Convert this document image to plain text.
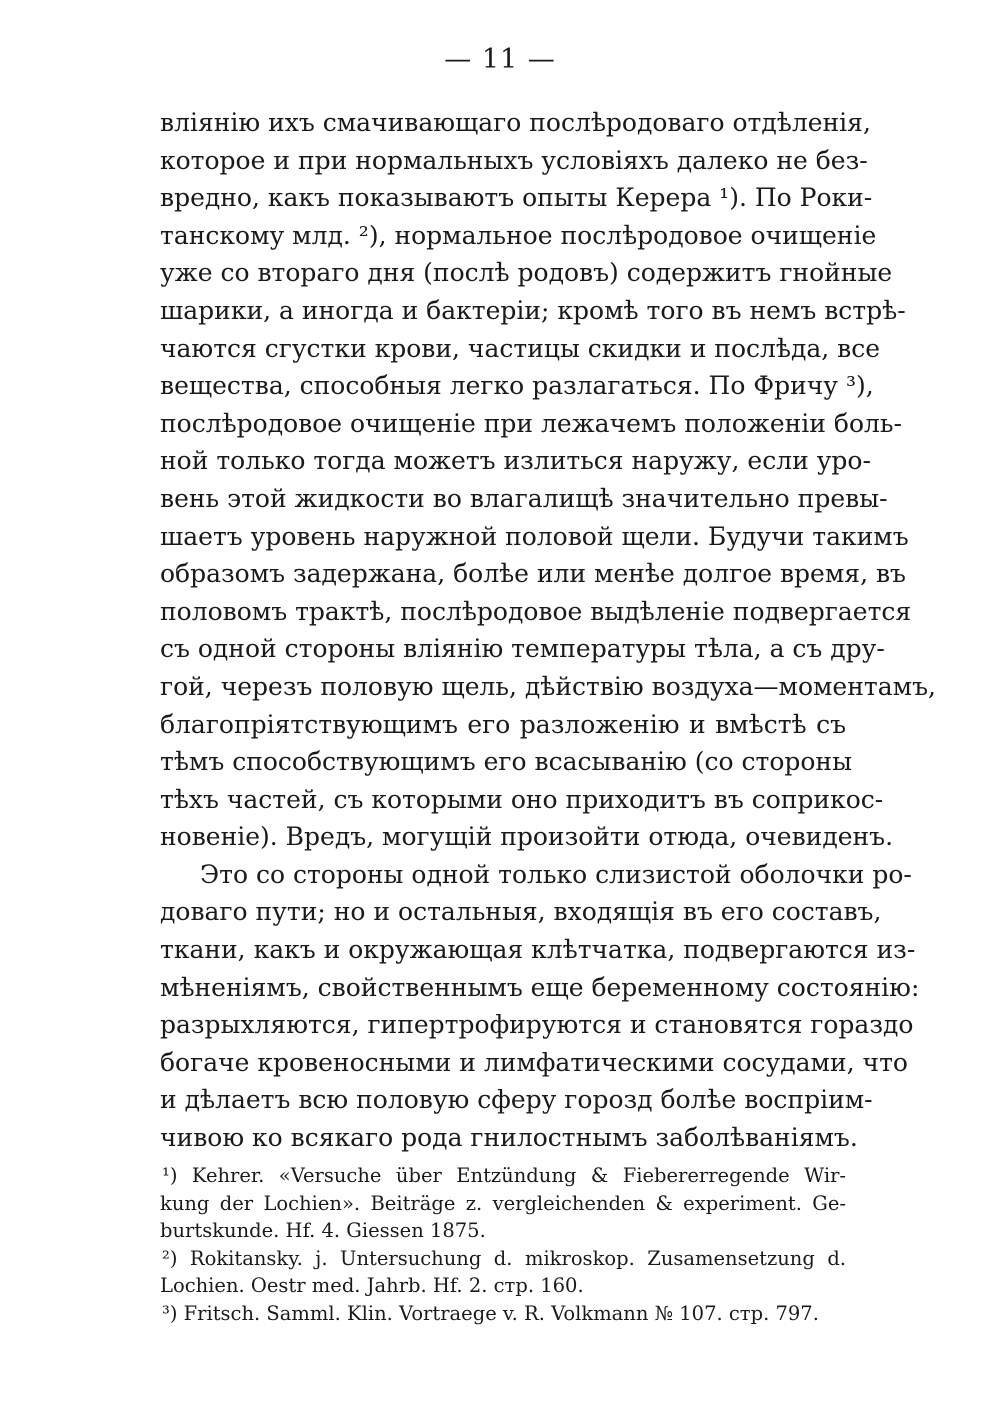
— 11 —
вліянію ихъ смачивающаго послѣродоваго отдѣленія,
которое и при нормальныхъ условіяхъ далеко не без-
вредно, какъ показываютъ опыты Керера ¹). По Роки-
танскому млд. ²), нормальное послѣродовое очищеніе
уже со втораго дня (послѣ родовъ) содержитъ гнойные
шарики, а иногда и бактеріи; кромѣ того въ немъ встрѣ-
чаются сгустки крови, частицы скидки и послѣда, все
вещества, способныя легко разлагаться. По Фричу ³),
послѣродовое очищеніе при лежачемъ положеніи боль-
ной только тогда можетъ излиться наружу, если уро-
вень этой жидкости во влагалищѣ значительно превы-
шаетъ уровень наружной половой щели. Будучи такимъ
образомъ задержана, болѣе или менѣе долгое время, въ
половомъ трактѣ, послѣродовое выдѣленіе подвергается
съ одной стороны вліянію температуры тѣла, а съ дру-
гой, черезъ половую щель, дѣйствію воздуха—моментамъ,
благопріятствующимъ его разложенію и вмѣстѣ съ
тѣмъ способствующимъ его всасыванію (со стороны
тѣхъ частей, съ которыми оно приходитъ въ соприкос-
новеніе). Вредъ, могущій произойти отюда, очевиденъ.
Это со стороны одной только слизистой оболочки ро-
доваго пути; но и остальныя, входящія въ его составъ,
ткани, какъ и окружающая клѣтчатка, подвергаются из-
мѣненіямъ, свойственнымъ еще беременному состоянію:
разрыхляются, гипертрофируются и становятся гораздо
богаче кровеносными и лимфатическими сосудами, что
и дѣлаетъ всю половую сферу горозд болѣе воспріим-
чивою ко всякаго рода гнилостнымъ заболѣваніямъ.
¹) Kehrer. «Versuche über Entzündung & Fiebererregende Wir-
kung der Lochien». Beiträge z. vergleichenden & experiment. Ge-
burtskunde. Hf. 4. Giessen 1875.
²) Rokitansky. j. Untersuchung d. mikroskop. Zusamensetzung d.
Lochien. Oestr med. Jahrb. Hf. 2. стр. 160.
³) Fritsch. Samml. Klin. Vortraege v. R. Volkmann № 107. стр. 797.
